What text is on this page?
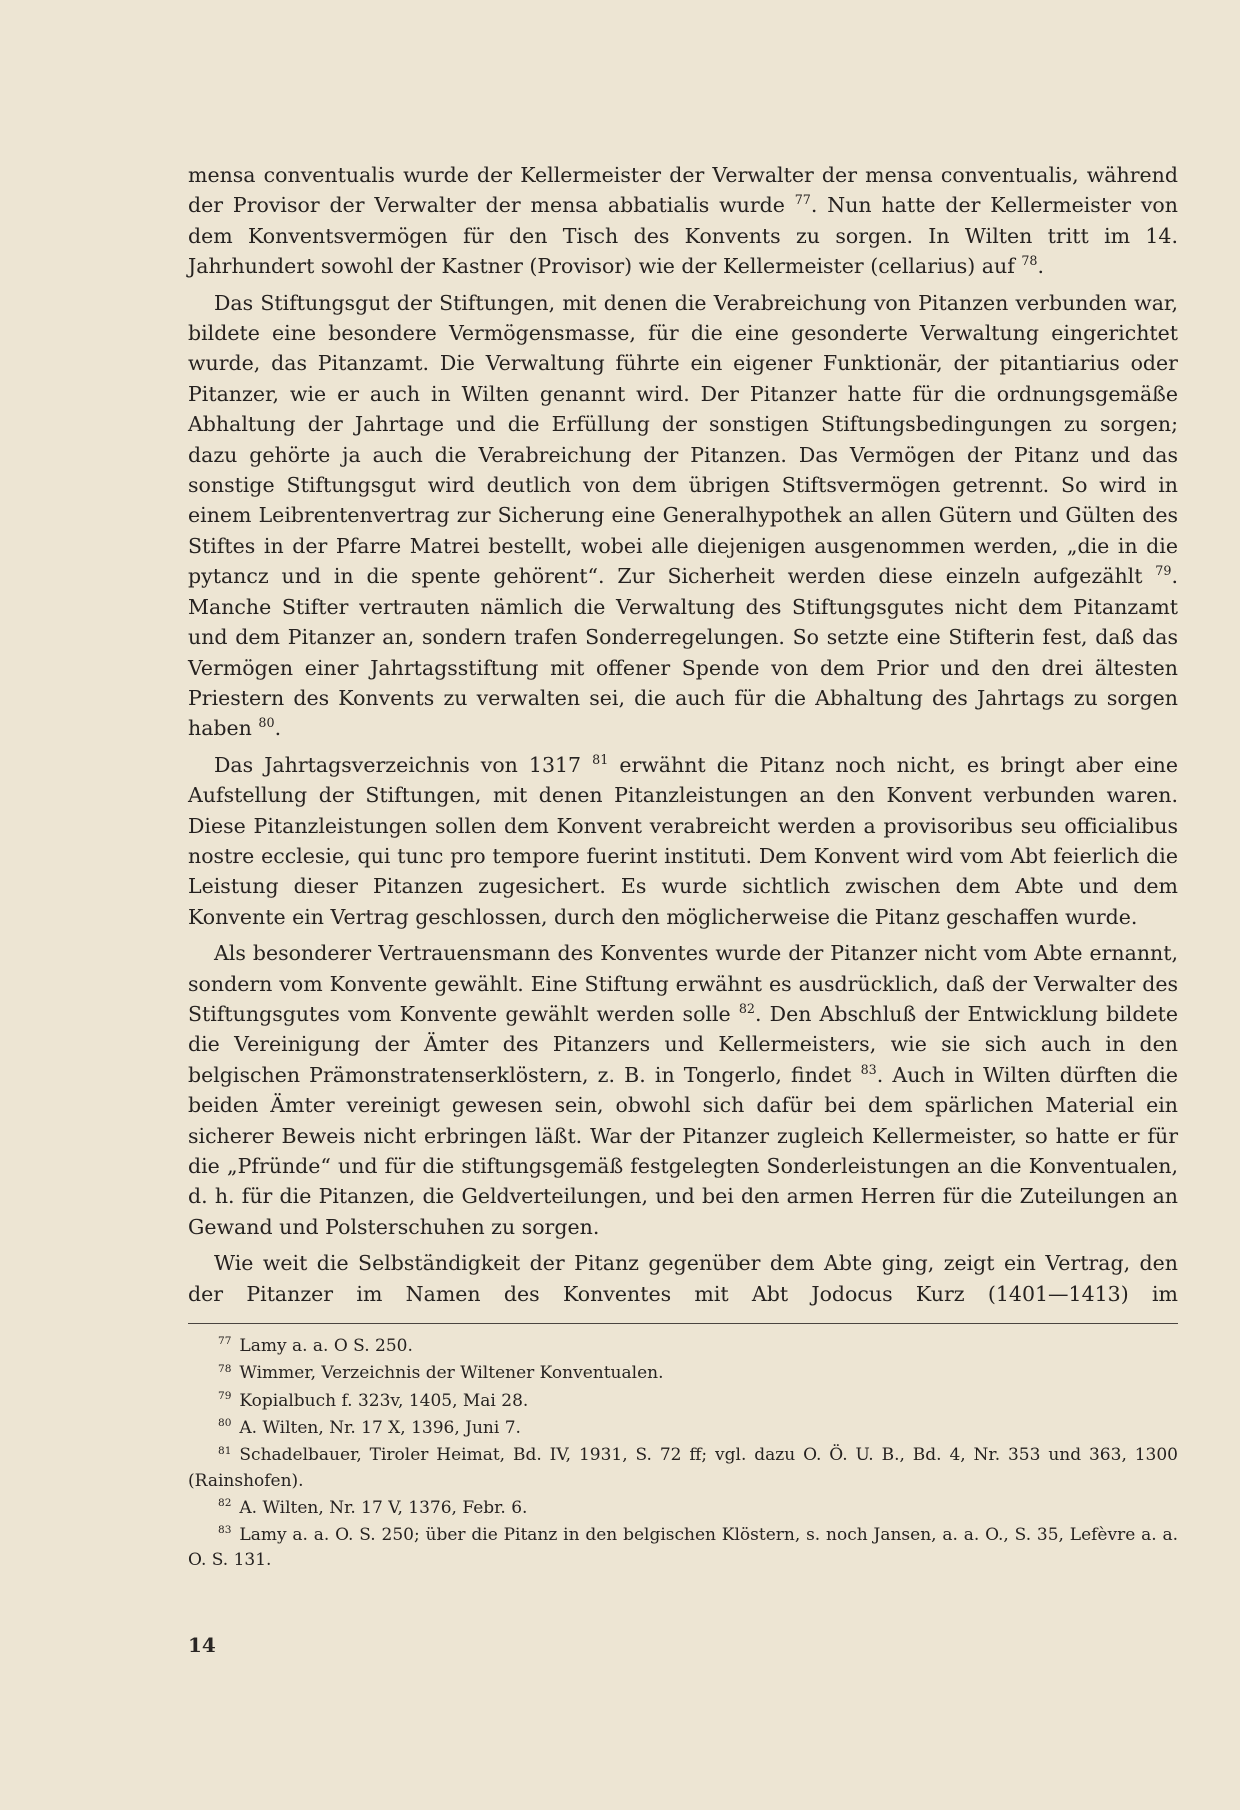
mensa conventualis wurde der Kellermeister der Verwalter der mensa conventualis, während der Provisor der Verwalter der mensa abbatialis wurde $^{77}$. Nun hatte der Kellermeister von dem Konventsvermögen für den Tisch des Konvents zu sorgen. In Wilten tritt im 14. Jahrhundert sowohl der Kastner (Provisor) wie der Kellermeister (cellarius) auf $^{78}$.

Das Stiftungsgut der Stiftungen, mit denen die Verabreichung von Pitanzen verbunden war, bildete eine besondere Vermögensmasse, für die eine gesonderte Verwaltung eingerichtet wurde, das Pitanzamt. Die Verwaltung führte ein eigener Funktionär, der pitantiarius oder Pitanzer, wie er auch in Wilten genannt wird. Der Pitanzer hatte für die ordnungsgemäße Abhaltung der Jahrtage und die Erfüllung der sonstigen Stiftungsbedingungen zu sorgen; dazu gehörte ja auch die Verabreichung der Pitanzen. Das Vermögen der Pitanz und das sonstige Stiftungsgut wird deutlich von dem übrigen Stiftsvermögen getrennt. So wird in einem Leibrentenvertrag zur Sicherung eine Generalhypothek an allen Gütern und Gülten des Stiftes in der Pfarre Matrei bestellt, wobei alle diejenigen ausgenommen werden, „die in die pytancz und in die spente gehörent“. Zur Sicherheit werden diese einzeln aufgezählt $^{79}$. Manche Stifter vertrauten nämlich die Verwaltung des Stiftungsgutes nicht dem Pitanzamt und dem Pitanzer an, sondern trafen Sonderregelungen. So setzte eine Stifterin fest, daß das Vermögen einer Jahrtagsstiftung mit offener Spende von dem Prior und den drei ältesten Priestern des Konvents zu verwalten sei, die auch für die Abhaltung des Jahrtags zu sorgen haben $^{80}$.

Das Jahrtagsverzeichnis von 1317 $^{81}$ erwähnt die Pitanz noch nicht, es bringt aber eine Aufstellung der Stiftungen, mit denen Pitanzleistungen an den Konvent verbunden waren. Diese Pitanzleistungen sollen dem Konvent verabreicht werden a provisoribus seu officialibus nostre ecclesie, qui tunc pro tempore fuerint instituti. Dem Konvent wird vom Abt feierlich die Leistung dieser Pitanzen zugesichert. Es wurde sichtlich zwischen dem Abte und dem Konvente ein Vertrag geschlossen, durch den möglicherweise die Pitanz geschaffen wurde.

Als besonderer Vertrauensmann des Konventes wurde der Pitanzer nicht vom Abte ernannt, sondern vom Konvente gewählt. Eine Stiftung erwähnt es ausdrücklich, daß der Verwalter des Stiftungsgutes vom Konvente gewählt werden solle $^{82}$. Den Abschluß der Entwicklung bildete die Vereinigung der Ämter des Pitanzers und Kellermeisters, wie sie sich auch in den belgischen Prämonstratenserklöstern, z. B. in Tongerlo, findet $^{83}$. Auch in Wilten dürften die beiden Ämter vereinigt gewesen sein, obwohl sich dafür bei dem spärlichen Material ein sicherer Beweis nicht erbringen läßt. War der Pitanzer zugleich Kellermeister, so hatte er für die „Pfründe“ und für die stiftungsgemäß festgelegten Sonderleistungen an die Konventualen, d. h. für die Pitanzen, die Geldverteilungen, und bei den armen Herren für die Zuteilungen an Gewand und Polsterschuhen zu sorgen.

Wie weit die Selbständigkeit der Pitanz gegenüber dem Abte ging, zeigt ein Vertrag, den der Pitanzer im Namen des Konventes mit Abt Jodocus Kurz (1401—1413) im

$^{77}$ Lamy a. a. O S. 250.

$^{78}$ Wimmer, Verzeichnis der Wiltener Konventualen.

$^{79}$ Kopialbuch f. 323v, 1405, Mai 28.

$^{80}$ A. Wilten, Nr. 17 X, 1396, Juni 7.

$^{81}$ Schadelbauer, Tiroler Heimat, Bd. IV, 1931, S. 72 ff; vgl. dazu O. Ö. U. B., Bd. 4, Nr. 353 und 363, 1300 (Rainshofen).

$^{82}$ A. Wilten, Nr. 17 V, 1376, Febr. 6.

$^{83}$ Lamy a. a. O. S. 250; über die Pitanz in den belgischen Klöstern, s. noch Jansen, a. a. O., S. 35, Lefèvre a. a. O. S. 131.

14
